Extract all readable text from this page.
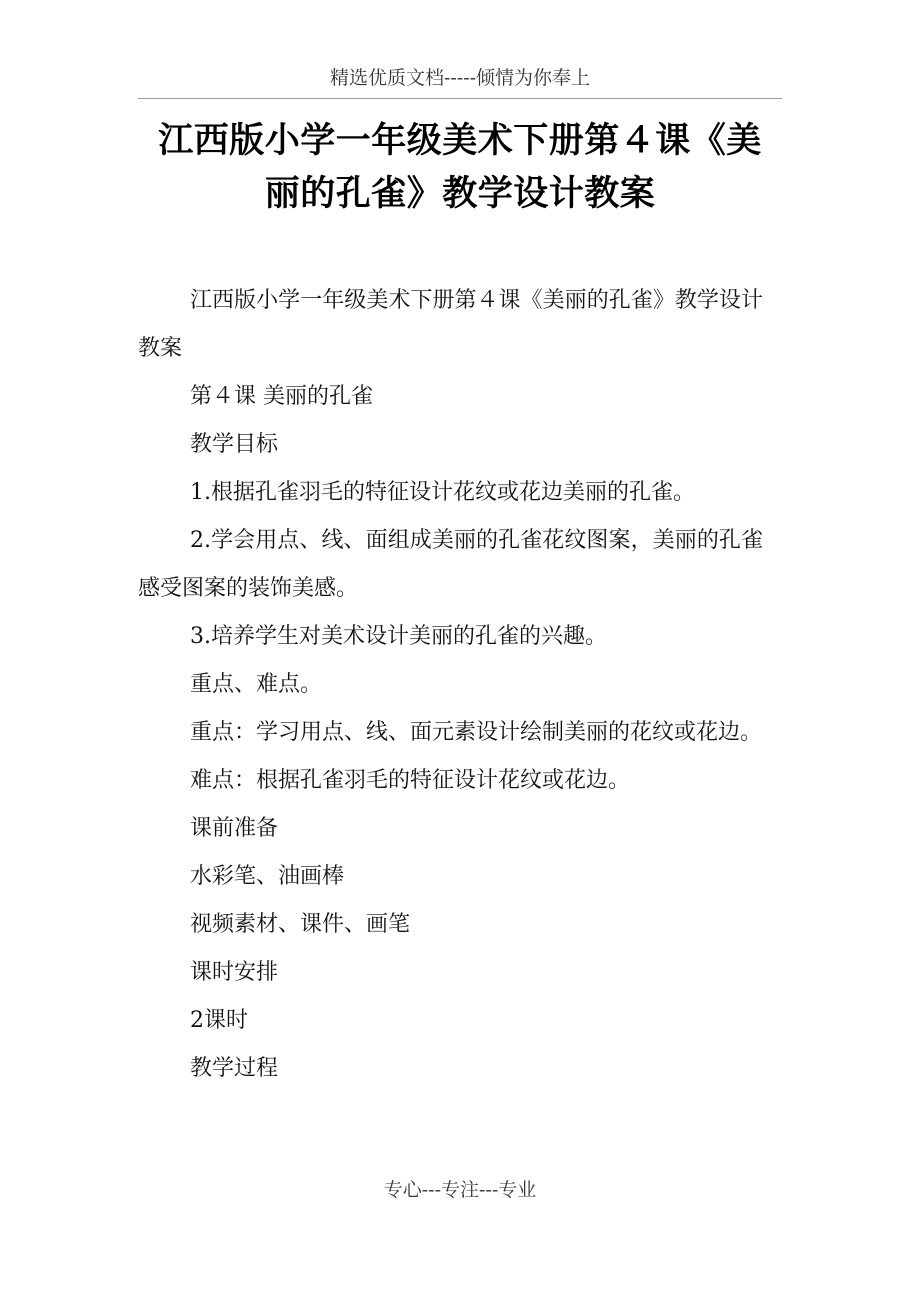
精选优质文档-----倾情为你奉上
江西版小学一年级美术下册第４课《美
丽的孔雀》教学设计教案

江西版小学一年级美术下册第４课《美丽的孔雀》教学设计教案

第４课 美丽的孔雀

教学目标

1.根据孔雀羽毛的特征设计花纹或花边美丽的孔雀。

2.学会用点、线、面组成美丽的孔雀花纹图案，美丽的孔雀感受图案的装饰美感。

3.培养学生对美术设计美丽的孔雀的兴趣。

重点、难点。

重点：学习用点、线、面元素设计绘制美丽的花纹或花边。

难点：根据孔雀羽毛的特征设计花纹或花边。

课前准备

水彩笔、油画棒

视频素材、课件、画笔

课时安排

2课时

教学过程

专心---专注---专业
